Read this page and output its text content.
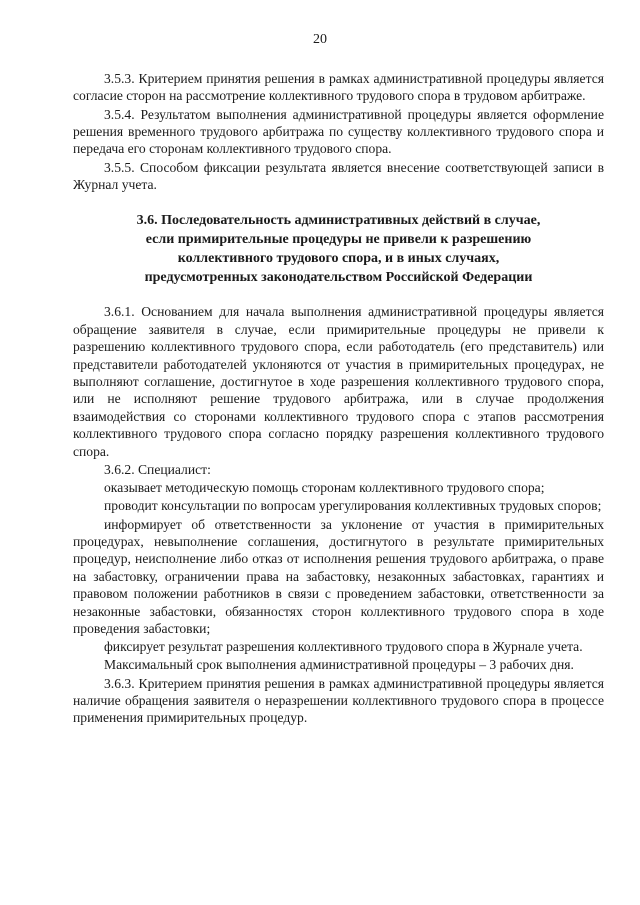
20

3.5.3. Критерием принятия решения в рамках административной процедуры является согласие сторон на рассмотрение коллективного трудового спора в трудовом арбитраже.

3.5.4. Результатом выполнения административной процедуры является оформление решения временного трудового арбитража по существу коллективного трудового спора и передача его сторонам коллективного трудового спора.

3.5.5. Способом фиксации результата является внесение соответствующей записи в Журнал учета.

3.6. Последовательность административных действий в случае,
если примирительные процедуры не привели к разрешению
коллективного трудового спора, и в иных случаях,
предусмотренных законодательством Российской Федерации

3.6.1. Основанием для начала выполнения административной процедуры является обращение заявителя в случае, если примирительные процедуры не привели к разрешению коллективного трудового спора, если работодатель (его представитель) или представители работодателей уклоняются от участия в примирительных процедурах, не выполняют соглашение, достигнутое в ходе разрешения коллективного трудового спора, или не исполняют решение трудового арбитража, или в случае продолжения взаимодействия со сторонами коллективного трудового спора с этапов рассмотрения коллективного трудового спора согласно порядку разрешения коллективного трудового спора.

3.6.2. Специалист:

оказывает методическую помощь сторонам коллективного трудового спора;

проводит консультации по вопросам урегулирования коллективных трудовых споров;

информирует об ответственности за уклонение от участия в примирительных процедурах, невыполнение соглашения, достигнутого в результате примирительных процедур, неисполнение либо отказ от исполнения решения трудового арбитража, о праве на забастовку, ограничении права на забастовку, незаконных забастовках, гарантиях и правовом положении работников в связи с проведением забастовки, ответственности за незаконные забастовки, обязанностях сторон коллективного трудового спора в ходе проведения забастовки;

фиксирует результат разрешения коллективного трудового спора в Журнале учета.

Максимальный срок выполнения административной процедуры – 3 рабочих дня.

3.6.3. Критерием принятия решения в рамках административной процедуры является наличие обращения заявителя о неразрешении коллективного трудового спора в процессе применения примирительных процедур.
